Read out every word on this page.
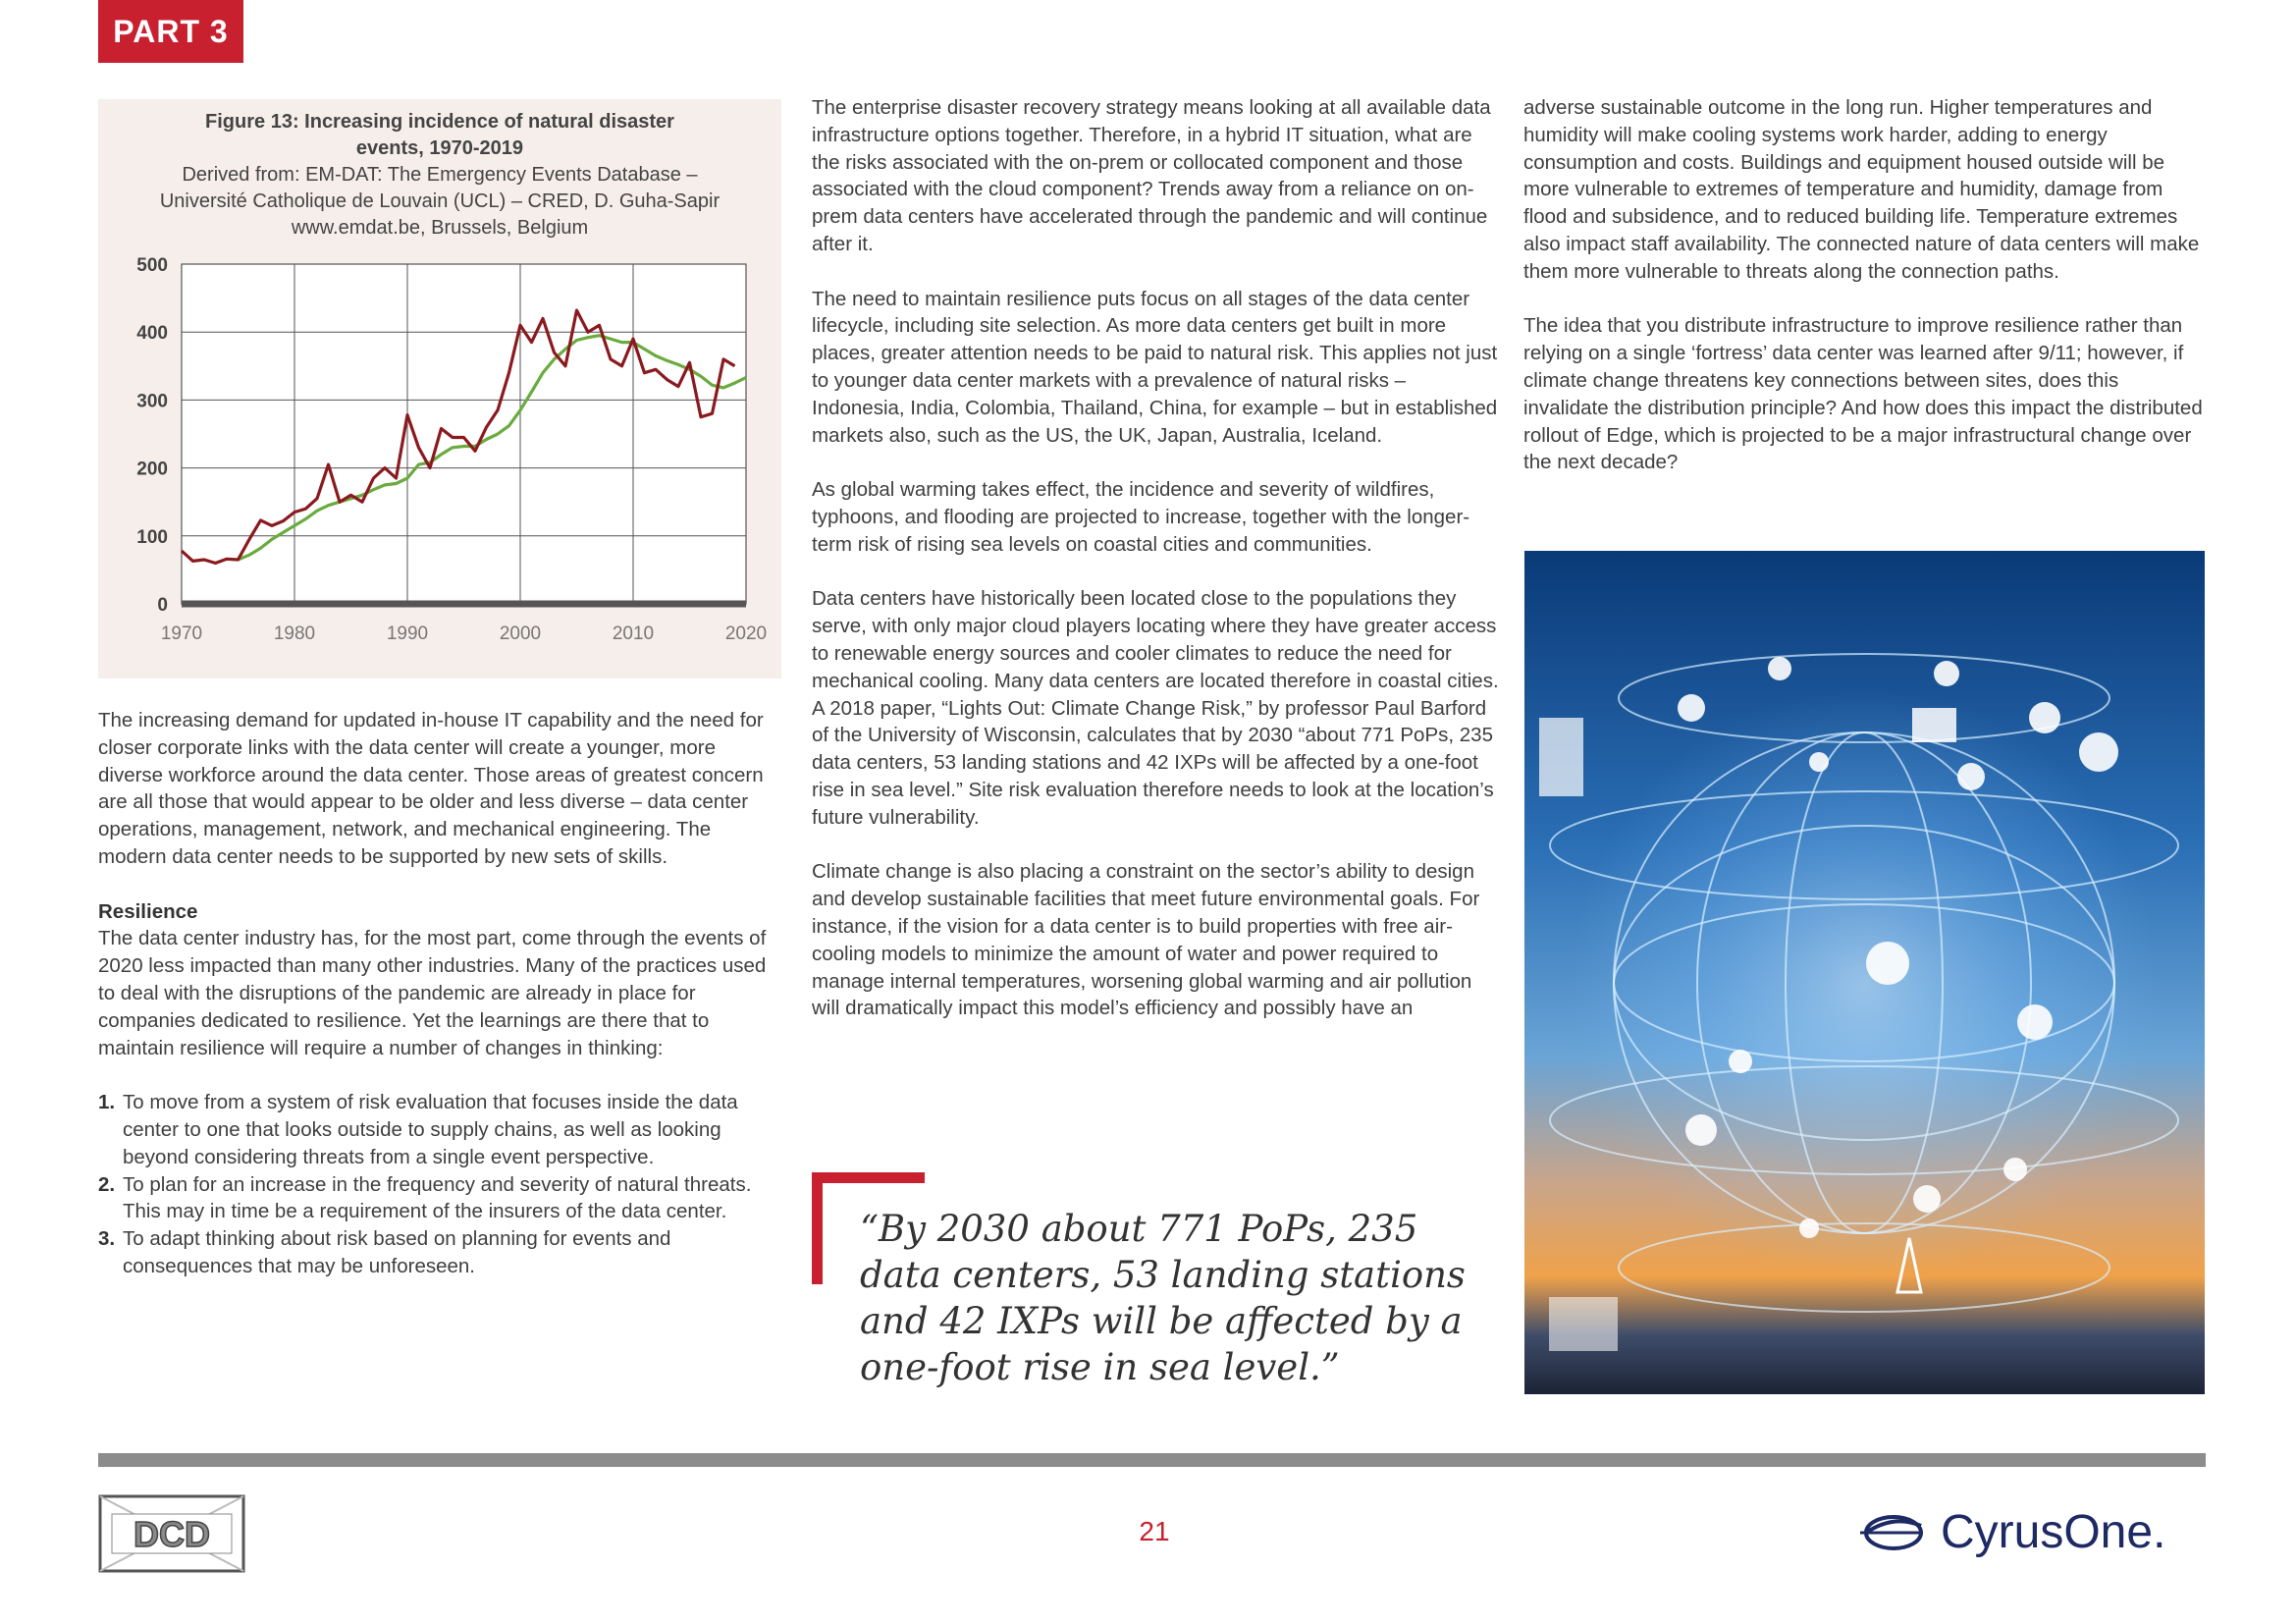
PART 3
Figure 13: Increasing incidence of natural disaster
events, 1970-2019
Derived from: EM-DAT: The Emergency Events Database –
Université Catholique de Louvain (UCL) – CRED, D. Guha-Sapir
www.emdat.be, Brussels, Belgium
0
100
200
300
400
500
1970	1980	1990	2000	2010	2020

The increasing demand for updated in-house IT capability and the need for closer corporate links with the data center will create a younger, more diverse workforce around the data center. Those areas of greatest concern are all those that would appear to be older and less diverse – data center operations, management, network, and mechanical engineering. The modern data center needs to be supported by new sets of skills.

Resilience

The data center industry has, for the most part, come through the events of 2020 less impacted than many other industries. Many of the practices used to deal with the disruptions of the pandemic are already in place for companies dedicated to resilience. Yet the learnings are there that to maintain resilience will require a number of changes in thinking:

1. To move from a system of risk evaluation that focuses inside the data center to one that looks outside to supply chains, as well as looking beyond considering threats from a single event perspective.
2. To plan for an increase in the frequency and severity of natural threats. This may in time be a requirement of the insurers of the data center.
3. To adapt thinking about risk based on planning for events and consequences that may be unforeseen.

The enterprise disaster recovery strategy means looking at all available data infrastructure options together. Therefore, in a hybrid IT situation, what are the risks associated with the on-prem or collocated component and those associated with the cloud component? Trends away from a reliance on on-prem data centers have accelerated through the pandemic and will continue after it.

The need to maintain resilience puts focus on all stages of the data center lifecycle, including site selection. As more data centers get built in more places, greater attention needs to be paid to natural risk. This applies not just to younger data center markets with a prevalence of natural risks – Indonesia, India, Colombia, Thailand, China, for example – but in established markets also, such as the US, the UK, Japan, Australia, Iceland.

As global warming takes effect, the incidence and severity of wildfires, typhoons, and flooding are projected to increase, together with the longer-term risk of rising sea levels on coastal cities and communities.

Data centers have historically been located close to the populations they serve, with only major cloud players locating where they have greater access to renewable energy sources and cooler climates to reduce the need for mechanical cooling. Many data centers are located therefore in coastal cities. A 2018 paper, “Lights Out: Climate Change Risk,” by professor Paul Barford of the University of Wisconsin, calculates that by 2030 “about 771 PoPs, 235 data centers, 53 landing stations and 42 IXPs will be affected by a one-foot rise in sea level.” Site risk evaluation therefore needs to look at the location’s future vulnerability.

Climate change is also placing a constraint on the sector’s ability to design and develop sustainable facilities that meet future environmental goals. For instance, if the vision for a data center is to build properties with free air-cooling models to minimize the amount of water and power required to manage internal temperatures, worsening global warming and air pollution will dramatically impact this model’s efficiency and possibly have an

“By 2030 about 771 PoPs, 235 data centers, 53 landing stations and 42 IXPs will be affected by a one-foot rise in sea level.”

adverse sustainable outcome in the long run. Higher temperatures and humidity will make cooling systems work harder, adding to energy consumption and costs. Buildings and equipment housed outside will be more vulnerable to extremes of temperature and humidity, damage from flood and subsidence, and to reduced building life. Temperature extremes also impact staff availability. The connected nature of data centers will make them more vulnerable to threats along the connection paths.

The idea that you distribute infrastructure to improve resilience rather than relying on a single ‘fortress’ data center was learned after 9/11; however, if climate change threatens key connections between sites, does this invalidate the distribution principle? And how does this impact the distributed rollout of Edge, which is projected to be a major infrastructural change over the next decade?

DCD	21	CyrusOne.
